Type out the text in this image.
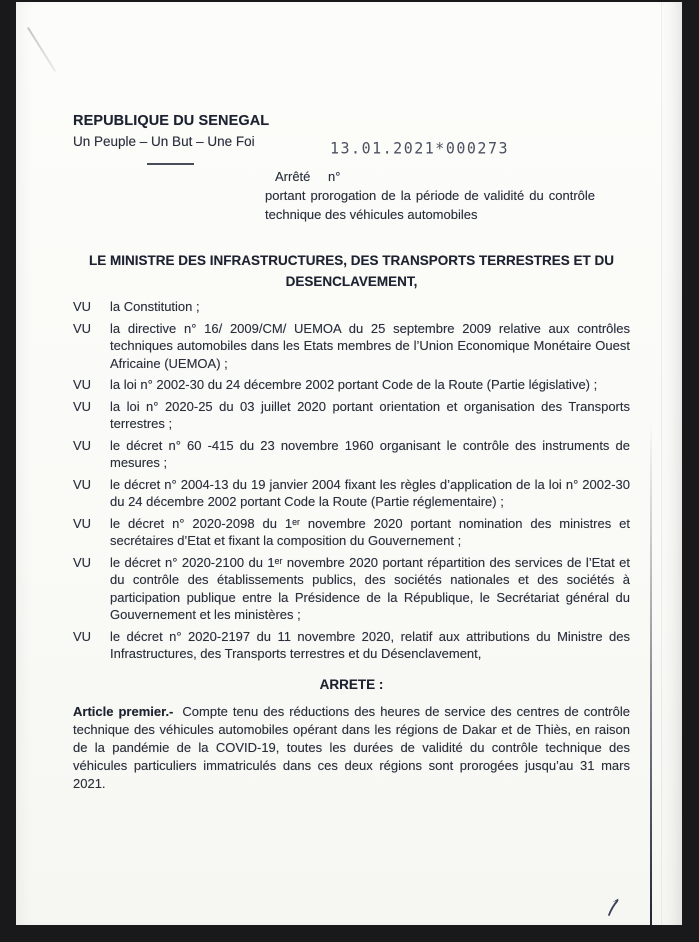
13.01.2021*000273
REPUBLIQUE DU SENEGAL
Un Peuple – Un But – Une Foi
Arrêté n°

portant prorogation de la période de validité du contrôle technique des véhicules automobiles

LE MINISTRE DES INFRASTRUCTURES, DES TRANSPORTS TERRESTRES ET DU DESENCLAVEMENT,
VU	la Constitution ;
VU	la directive n° 16/ 2009/CM/ UEMOA du 25 septembre 2009 relative aux contrôles techniques automobiles dans les Etats membres de l’Union Economique Monétaire Ouest Africaine (UEMOA) ;
VU	la loi n° 2002-30 du 24 décembre 2002 portant Code de la Route (Partie législative) ;
VU	la loi n° 2020-25 du 03 juillet 2020 portant orientation et organisation des Transports terrestres ;
VU	le décret n° 60 -415 du 23 novembre 1960 organisant le contrôle des instruments de mesures ;
VU	le décret n° 2004-13 du 19 janvier 2004 fixant les règles d’application de la loi n° 2002-30 du 24 décembre 2002 portant Code la Route (Partie réglementaire) ;
VU	le décret n° 2020-2098 du 1ᵉʳ novembre 2020 portant nomination des ministres et secrétaires d’Etat et fixant la composition du Gouvernement ;
VU	le décret n° 2020-2100 du 1ᵉʳ novembre 2020 portant répartition des services de l’Etat et du contrôle des établissements publics, des sociétés nationales et des sociétés à participation publique entre la Présidence de la République, le Secrétariat général du Gouvernement et les ministères ;
VU	le décret n° 2020-2197 du 11 novembre 2020, relatif aux attributions du Ministre des Infrastructures, des Transports terrestres et du Désenclavement,
ARRETE :

Article premier.- Compte tenu des réductions des heures de service des centres de contrôle technique des véhicules automobiles opérant dans les régions de Dakar et de Thiès, en raison de la pandémie de la COVID-19, toutes les durées de validité du contrôle technique des véhicules particuliers immatriculés dans ces deux régions sont prorogées jusqu’au 31 mars 2021.
